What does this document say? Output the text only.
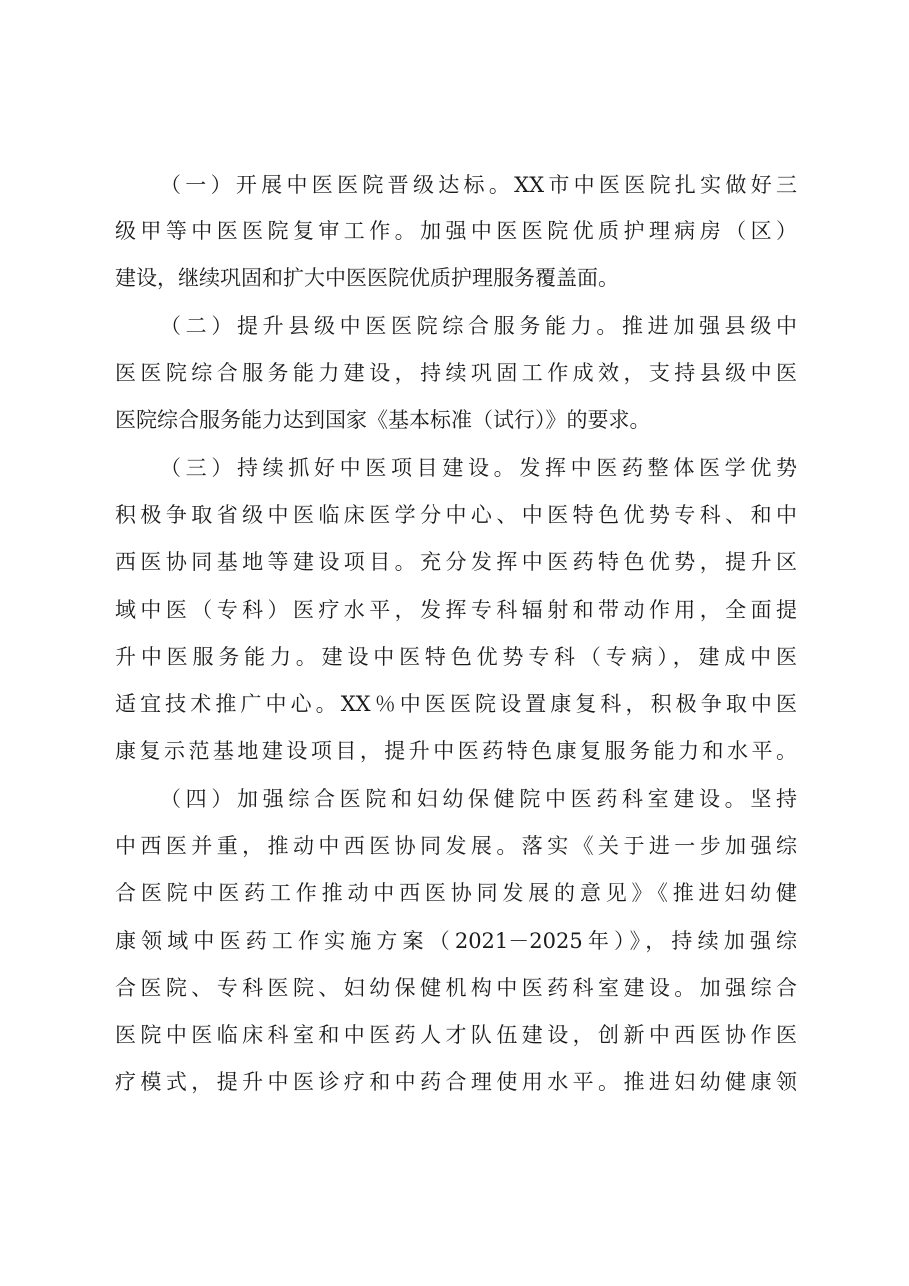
（一）开展中医医院晋级达标。XX市中医医院扎实做好三
级甲等中医医院复审工作。加强中医医院优质护理病房（区）
建设，继续巩固和扩大中医医院优质护理服务覆盖面。
（二）提升县级中医医院综合服务能力。推进加强县级中
医医院综合服务能力建设，持续巩固工作成效，支持县级中医
医院综合服务能力达到国家《基本标准（试行）》的要求。
（三）持续抓好中医项目建设。发挥中医药整体医学优势
积极争取省级中医临床医学分中心、中医特色优势专科、和中
西医协同基地等建设项目。充分发挥中医药特色优势，提升区
域中医（专科）医疗水平，发挥专科辐射和带动作用，全面提
升中医服务能力。建设中医特色优势专科（专病），建成中医
适宜技术推广中心。XX％中医医院设置康复科，积极争取中医
康复示范基地建设项目，提升中医药特色康复服务能力和水平。
（四）加强综合医院和妇幼保健院中医药科室建设。坚持
中西医并重，推动中西医协同发展。落实《关于进一步加强综
合医院中医药工作推动中西医协同发展的意见》《推进妇幼健
康领域中医药工作实施方案（2021－2025年）》，持续加强综
合医院、专科医院、妇幼保健机构中医药科室建设。加强综合
医院中医临床科室和中医药人才队伍建设，创新中西医协作医
疗模式，提升中医诊疗和中药合理使用水平。推进妇幼健康领
